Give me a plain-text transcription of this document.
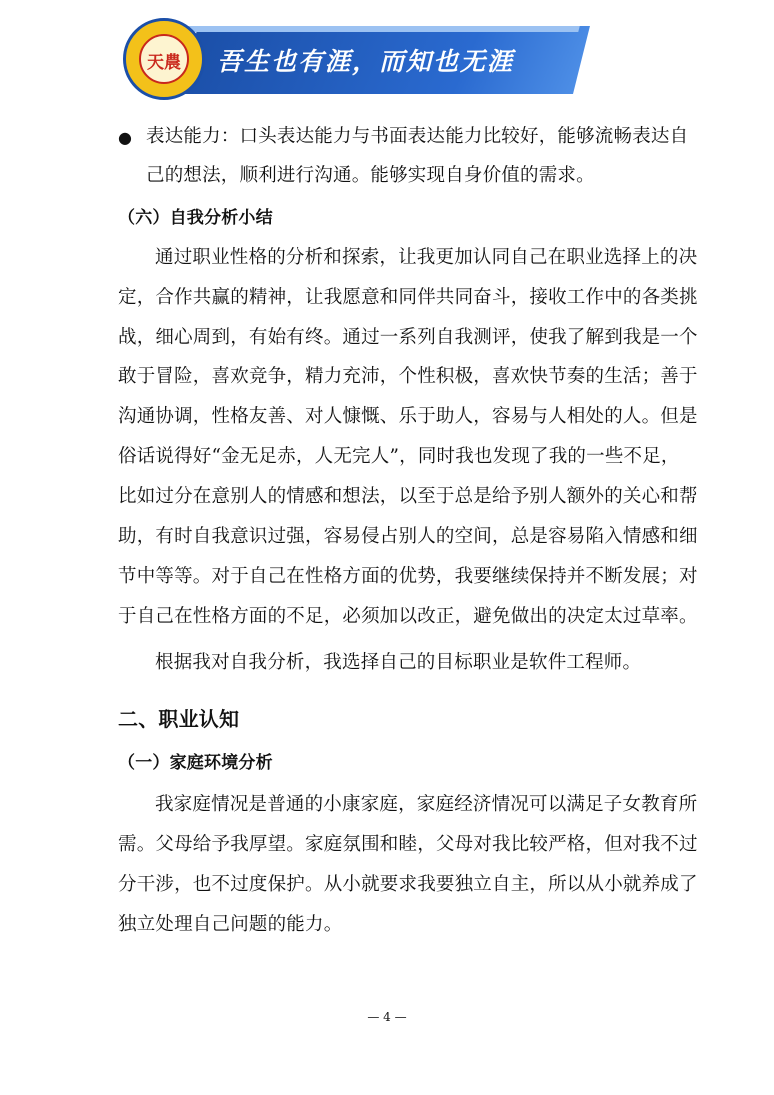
吾生也有涯，而知也无涯
天農
● 表达能力：口头表达能力与书面表达能力比较好，能够流畅表达自
己的想法，顺利进行沟通。能够实现自身价值的需求。
（六）自我分析小结
通过职业性格的分析和探索，让我更加认同自己在职业选择上的决
定，合作共赢的精神，让我愿意和同伴共同奋斗，接收工作中的各类挑
战，细心周到，有始有终。通过一系列自我测评，使我了解到我是一个
敢于冒险，喜欢竞争，精力充沛，个性积极，喜欢快节奏的生活；善于
沟通协调，性格友善、对人慷慨、乐于助人，容易与人相处的人。但是
俗话说得好“金无足赤，人无完人”，同时我也发现了我的一些不足，
比如过分在意别人的情感和想法，以至于总是给予别人额外的关心和帮
助，有时自我意识过强，容易侵占别人的空间，总是容易陷入情感和细
节中等等。对于自己在性格方面的优势，我要继续保持并不断发展；对
于自己在性格方面的不足，必须加以改正，避免做出的决定太过草率。
根据我对自我分析，我选择自己的目标职业是软件工程师。
二、职业认知
（一）家庭环境分析
我家庭情况是普通的小康家庭，家庭经济情况可以满足子女教育所
需。父母给予我厚望。家庭氛围和睦，父母对我比较严格，但对我不过
分干涉，也不过度保护。从小就要求我要独立自主，所以从小就养成了
独立处理自己问题的能力。
— 4 —
